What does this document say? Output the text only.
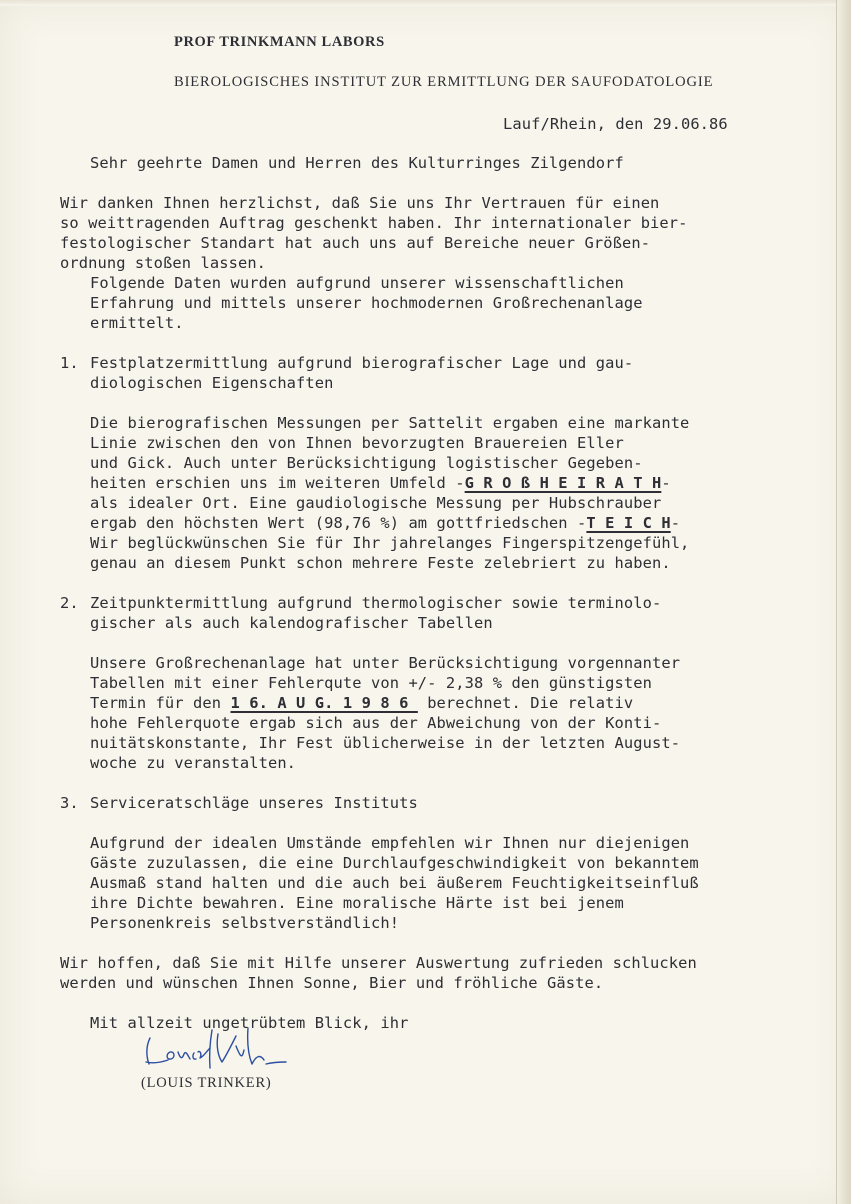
PROF TRINKMANN LABORS
BIEROLOGISCHES INSTITUT ZUR ERMITTLUNG DER SAUFODATOLOGIE
Lauf/Rhein, den 29.06.86
Sehr geehrte Damen und Herren des Kulturringes Zilgendorf
Wir danken Ihnen herzlichst, daß Sie uns Ihr Vertrauen für einen
so weittragenden Auftrag geschenkt haben. Ihr internationaler bier-
festologischer Standart hat auch uns auf Bereiche neuer Größen-
ordnung stoßen lassen.
Folgende Daten wurden aufgrund unserer wissenschaftlichen
Erfahrung und mittels unserer hochmodernen Großrechenanlage
ermittelt.
1. Festplatzermittlung aufgrund bierografischer Lage und gau-
diologischen Eigenschaften
Die bierografischen Messungen per Sattelit ergaben eine markante
Linie zwischen den von Ihnen bevorzugten Brauereien Eller
und Gick. Auch unter Berücksichtigung logistischer Gegeben-
heiten erschien uns im weiteren Umfeld -G R O ß H E I R A T H-
als idealer Ort. Eine gaudiologische Messung per Hubschrauber
ergab den höchsten Wert (98,76 %) am gottfriedschen -T E I C H-
Wir beglückwünschen Sie für Ihr jahrelanges Fingerspitzengefühl,
genau an diesem Punkt schon mehrere Feste zelebriert zu haben.
2. Zeitpunktermittlung aufgrund thermologischer sowie terminolo-
gischer als auch kalendografischer Tabellen
Unsere Großrechenanlage hat unter Berücksichtigung vorgennanter
Tabellen mit einer Fehlerqute von +/- 2,38 % den günstigsten
Termin für den 1 6. A U G. 1 9 8 6  berechnet. Die relativ
hohe Fehlerquote ergab sich aus der Abweichung von der Konti-
nuitätskonstante, Ihr Fest üblicherweise in der letzten August-
woche zu veranstalten.
3. Serviceratschläge unseres Instituts
Aufgrund der idealen Umstände empfehlen wir Ihnen nur diejenigen
Gäste zuzulassen, die eine Durchlaufgeschwindigkeit von bekanntem
Ausmaß stand halten und die auch bei äußerem Feuchtigkeitseinfluß
ihre Dichte bewahren. Eine moralische Härte ist bei jenem
Personenkreis selbstverständlich!
Wir hoffen, daß Sie mit Hilfe unserer Auswertung zufrieden schlucken
werden und wünschen Ihnen Sonne, Bier und fröhliche Gäste.
Mit allzeit ungetrübtem Blick, ihr
(LOUIS TRINKER)
